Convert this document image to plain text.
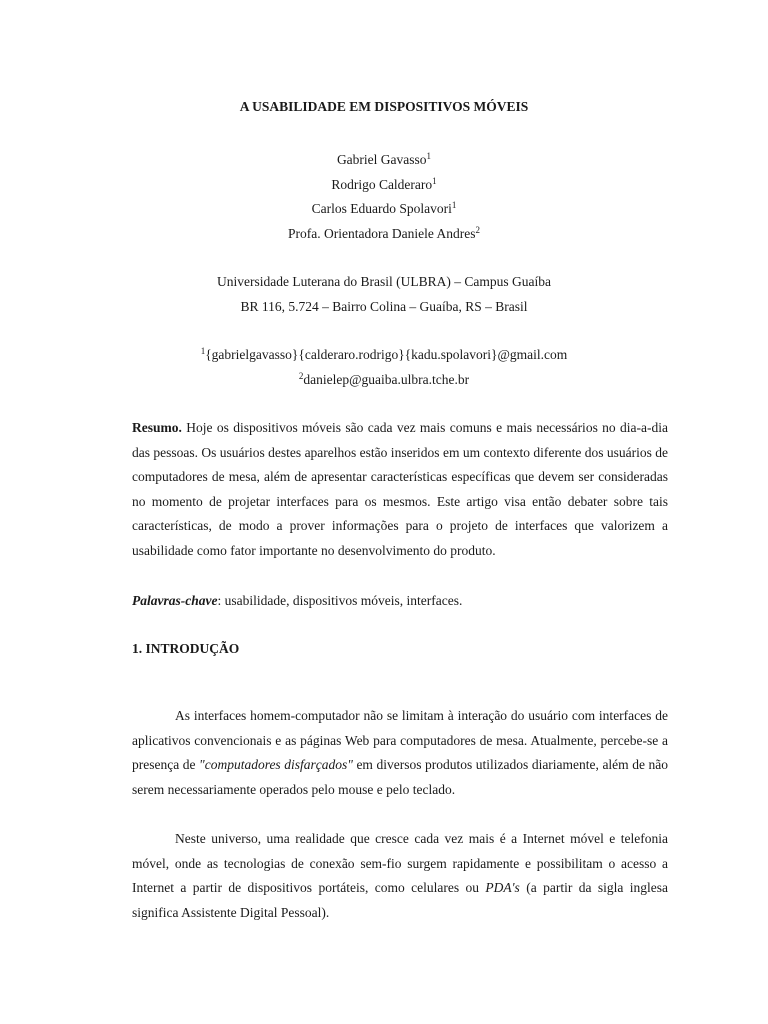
A USABILIDADE EM DISPOSITIVOS MÓVEIS
Gabriel Gavasso$^1$
Rodrigo Calderaro$^1$
Carlos Eduardo Spolavori$^1$
Profa. Orientadora Daniele Andres$^2$
Universidade Luterana do Brasil (ULBRA) – Campus Guaíba
BR 116, 5.724 – Bairro Colina – Guaíba, RS – Brasil
$^1${gabrielgavasso}{calderaro.rodrigo}{kadu.spolavori}@gmail.com
$^2$danielep@guaiba.ulbra.tche.br
Resumo. Hoje os dispositivos móveis são cada vez mais comuns e mais necessários no dia-a-dia das pessoas. Os usuários destes aparelhos estão inseridos em um contexto diferente dos usuários de computadores de mesa, além de apresentar características específicas que devem ser consideradas no momento de projetar interfaces para os mesmos. Este artigo visa então debater sobre tais características, de modo a prover informações para o projeto de interfaces que valorizem a usabilidade como fator importante no desenvolvimento do produto.
Palavras-chave: usabilidade, dispositivos móveis, interfaces.
1. INTRODUÇÃO
As interfaces homem-computador não se limitam à interação do usuário com interfaces de aplicativos convencionais e as páginas Web para computadores de mesa. Atualmente, percebe-se a presença de "computadores disfarçados" em diversos produtos utilizados diariamente, além de não serem necessariamente operados pelo mouse e pelo teclado.
Neste universo, uma realidade que cresce cada vez mais é a Internet móvel e telefonia móvel, onde as tecnologias de conexão sem-fio surgem rapidamente e possibilitam o acesso a Internet a partir de dispositivos portáteis, como celulares ou PDA's (a partir da sigla inglesa significa Assistente Digital Pessoal).
